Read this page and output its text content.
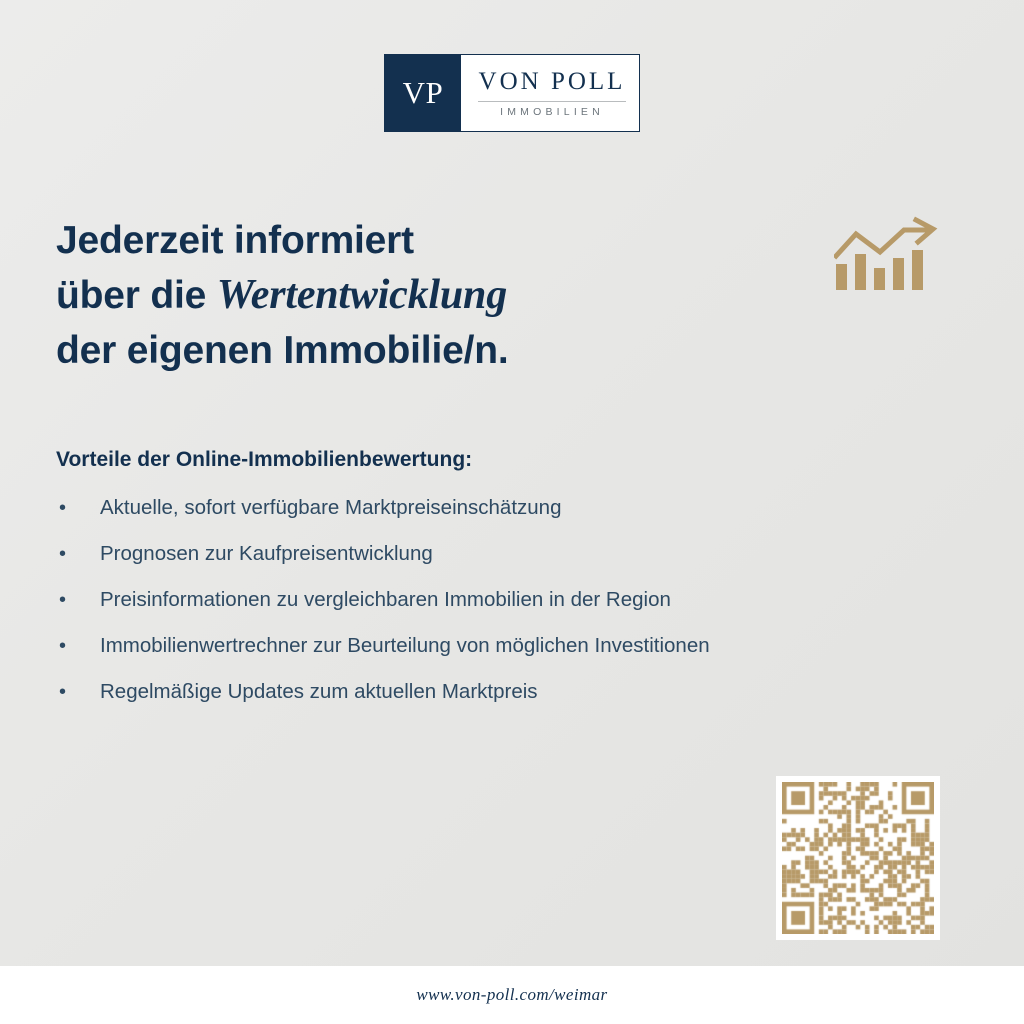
VP	VON POLL
IMMOBILIEN
Jederzeit informiert
über die Wertentwicklung
der eigenen Immobilie/n.
Vorteile der Online-Immobilienbewertung:
•	Aktuelle, sofort verfügbare Marktpreiseinschätzung
•	Prognosen zur Kaufpreisentwicklung
•	Preisinformationen zu vergleichbaren Immobilien in der Region
•	Immobilienwertrechner zur Beurteilung von möglichen Investitionen
•	Regelmäßige Updates zum aktuellen Marktpreis
www.von-poll.com/weimar
